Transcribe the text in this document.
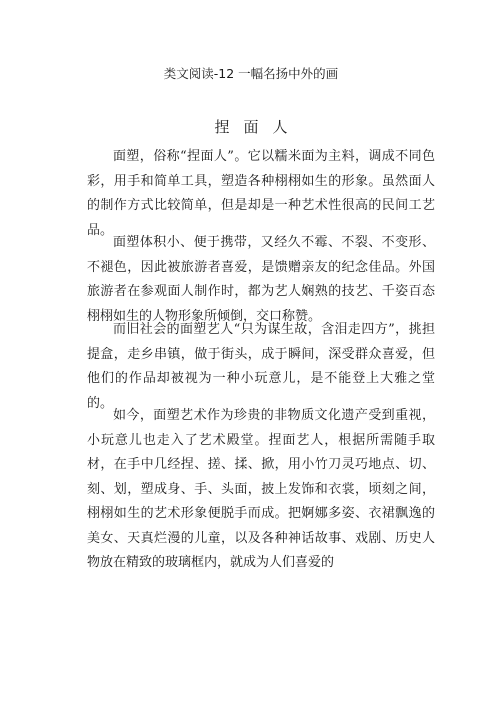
类文阅读-12 一幅名扬中外的画
捏面人

面塑，俗称“捏面人”。它以糯米面为主料，调成不同色彩，用手和简单工具，塑造各种栩栩如生的形象。虽然面人的制作方式比较简单，但是却是一种艺术性很高的民间工艺品。

面塑体积小、便于携带，又经久不霉、不裂、不变形、不褪色，因此被旅游者喜爱，是馈赠亲友的纪念佳品。外国旅游者在参观面人制作时，都为艺人娴熟的技艺、千姿百态栩栩如生的人物形象所倾倒，交口称赞。

而旧社会的面塑艺人“只为谋生故，含泪走四方”，挑担提盒，走乡串镇，做于街头，成于瞬间，深受群众喜爱，但他们的作品却被视为一种小玩意儿，是不能登上大雅之堂的。

如今，面塑艺术作为珍贵的非物质文化遗产受到重视，小玩意儿也走入了艺术殿堂。捏面艺人，根据所需随手取材，在手中几经捏、搓、揉、掀，用小竹刀灵巧地点、切、刻、划，塑成身、手、头面，披上发饰和衣裳，顷刻之间，栩栩如生的艺术形象便脱手而成。把婀娜多姿、衣裙飘逸的美女、天真烂漫的儿童，以及各种神话故事、戏剧、历史人物放在精致的玻璃框内，就成为人们喜爱的
